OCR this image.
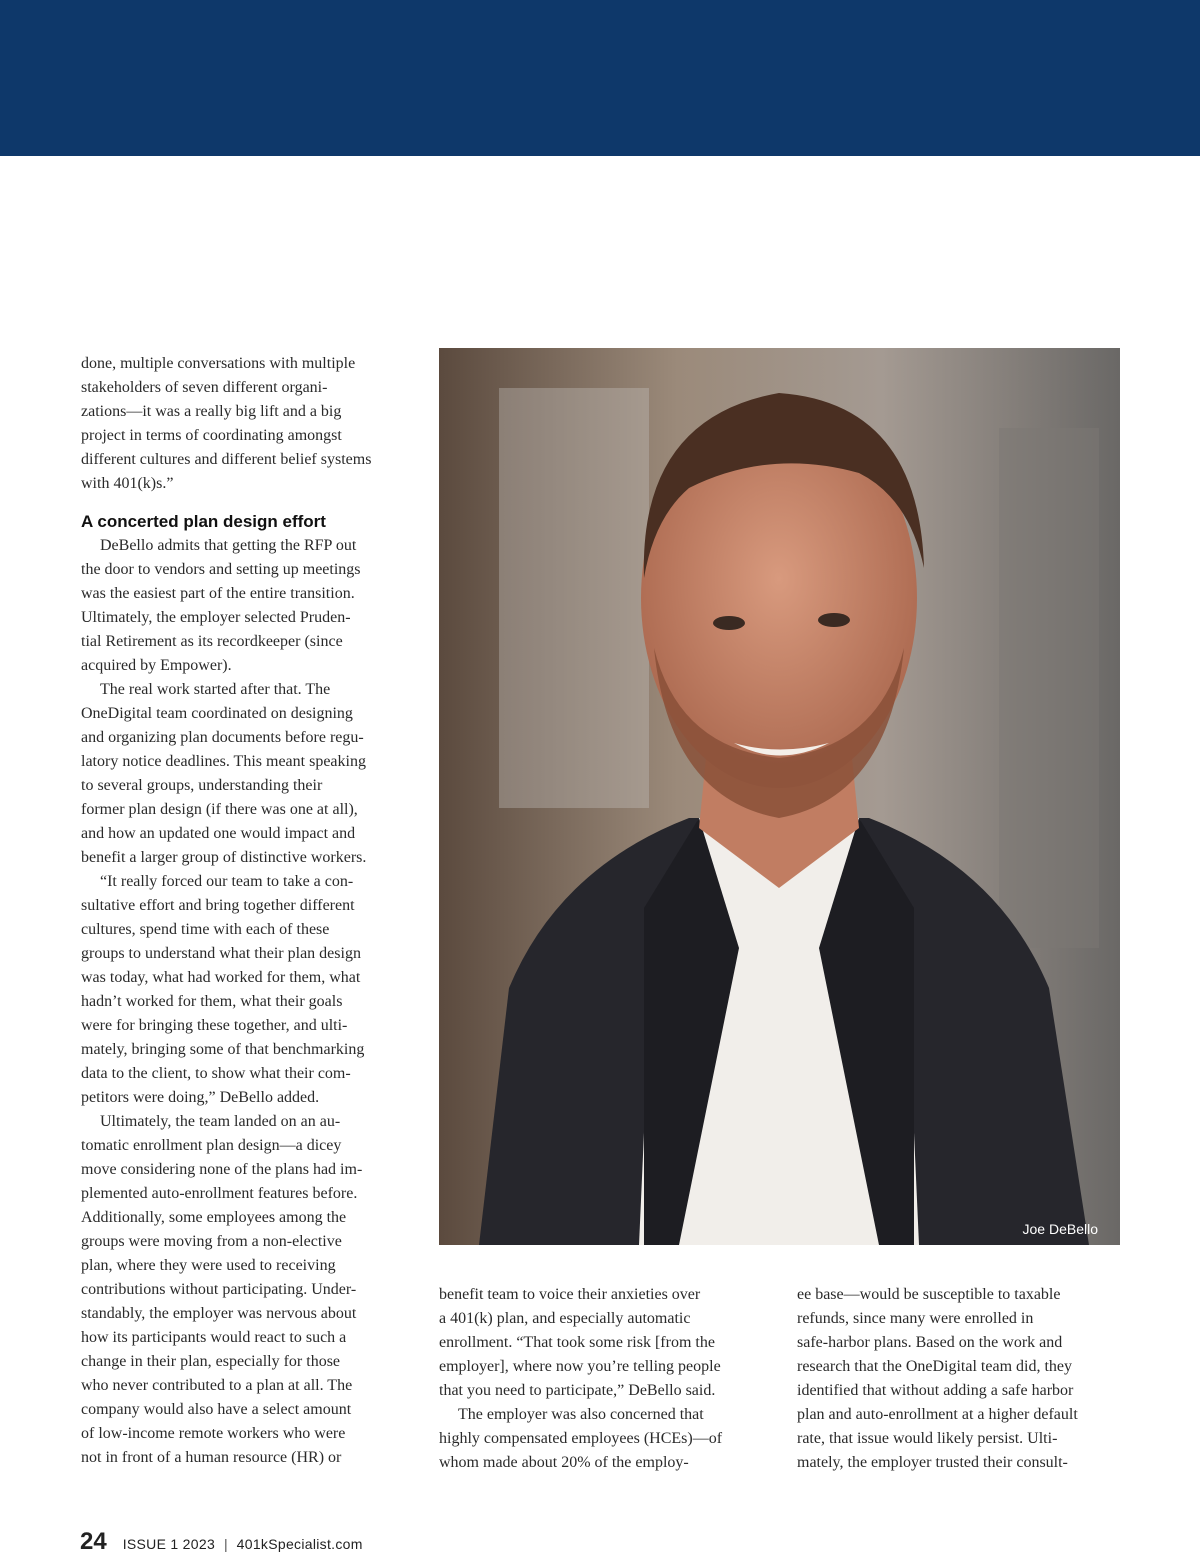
done, multiple conversations with multiple
stakeholders of seven different organi-
zations—it was a really big lift and a big
project in terms of coordinating amongst
different cultures and different belief systems
with 401(k)s.”

A concerted plan design effort

DeBello admits that getting the RFP out
the door to vendors and setting up meetings
was the easiest part of the entire transition.
Ultimately, the employer selected Pruden-
tial Retirement as its recordkeeper (since
acquired by Empower).

The real work started after that. The
OneDigital team coordinated on designing
and organizing plan documents before regu-
latory notice deadlines. This meant speaking
to several groups, understanding their
former plan design (if there was one at all),
and how an updated one would impact and
benefit a larger group of distinctive workers.

“It really forced our team to take a con-
sultative effort and bring together different
cultures, spend time with each of these
groups to understand what their plan design
was today, what had worked for them, what
hadn’t worked for them, what their goals
were for bringing these together, and ulti-
mately, bringing some of that benchmarking
data to the client, to show what their com-
petitors were doing,” DeBello added.

Ultimately, the team landed on an au-
tomatic enrollment plan design—a dicey
move considering none of the plans had im-
plemented auto-enrollment features before.
Additionally, some employees among the
groups were moving from a non-elective
plan, where they were used to receiving
contributions without participating. Under-
standably, the employer was nervous about
how its participants would react to such a
change in their plan, especially for those
who never contributed to a plan at all. The
company would also have a select amount
of low-income remote workers who were
not in front of a human resource (HR) or

Joe DeBello

benefit team to voice their anxieties over
a 401(k) plan, and especially automatic
enrollment. “That took some risk [from the
employer], where now you’re telling people
that you need to participate,” DeBello said.

The employer was also concerned that
highly compensated employees (HCEs)—of
whom made about 20% of the employ-

ee base—would be susceptible to taxable
refunds, since many were enrolled in
safe-harbor plans. Based on the work and
research that the OneDigital team did, they
identified that without adding a safe harbor
plan and auto-enrollment at a higher default
rate, that issue would likely persist. Ulti-
mately, the employer trusted their consult-

24 ISSUE 1 2023 | 401kSpecialist.com
